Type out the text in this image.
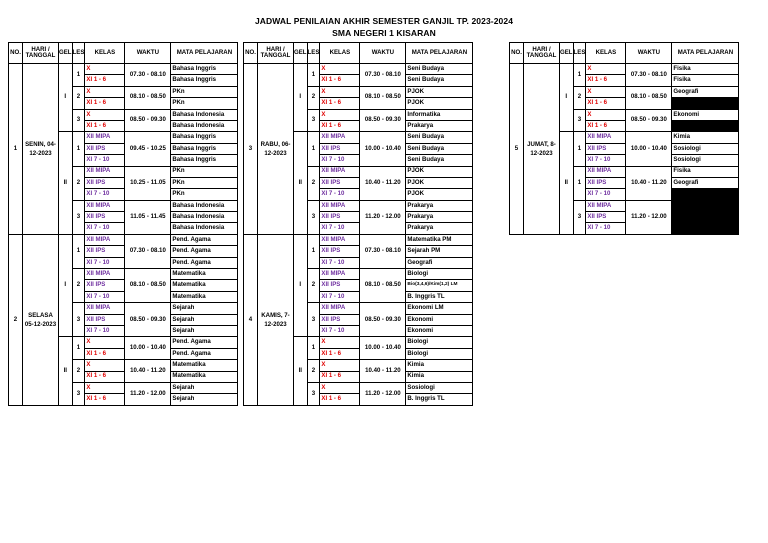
JADWAL PENILAIAN AKHIR SEMESTER GANJIL TP. 2023-2024
SMA NEGERI 1 KISARAN
NO.	HARI / TANGGAL	GEL	LES	KELAS	WAKTU	MATA PELAJARAN
1	SENIN, 04-12-2023	I	1	X	07.30 - 08.10	Bahasa Inggris
				XI 1 - 6		Bahasa Inggris
			2	X	08.10 - 08.50	PKn
				XI 1 - 6		PKn
			3	X	08.50 - 09.30	Bahasa Indonesia
				XI 1 - 6		Bahasa Indonesia
		II	1	XII MIPA	09.45 - 10.25	Bahasa Inggris
				XII IPS		Bahasa Inggris
				XI 7 - 10		Bahasa Inggris
			2	XII MIPA	10.25 - 11.05	PKn
				XII IPS		PKn
				XI 7 - 10		PKn
			3	XII MIPA	11.05 - 11.45	Bahasa Indonesia
				XII IPS		Bahasa Indonesia
				XI 7 - 10		Bahasa Indonesia
2	SELASA 05-12-2023	I	1	XII MIPA	07.30 - 08.10	Pend. Agama
				XII IPS		Pend. Agama
				XI 7 - 10		Pend. Agama
			2	XII MIPA	08.10 - 08.50	Matematika
				XII IPS		Matematika
				XI 7 - 10		Matematika
			3	XII MIPA	08.50 - 09.30	Sejarah
				XII IPS		Sejarah
				XI 7 - 10		Sejarah
		II	1	X	10.00 - 10.40	Pend. Agama
				XI 1 - 6		Pend. Agama
			2	X	10.40 - 11.20	Matematika
				XI 1 - 6		Matematika
			3	X	11.20 - 12.00	Sejarah
				XI 1 - 6		Sejarah
NO.	HARI / TANGGAL	GEL	LES	KELAS	WAKTU	MATA PELAJARAN
3	RABU, 06-12-2023	I	1	X	07.30 - 08.10	Seni Budaya
				XI 1 - 6		Seni Budaya
			2	X	08.10 - 08.50	PJOK
				XI 1 - 6		PJOK
			3	X	08.50 - 09.30	Informatika
				XI 1 - 6		Prakarya
		II	1	XII MIPA	10.00 - 10.40	Seni Budaya
				XII IPS		Seni Budaya
				XI 7 - 10		Seni Budaya
			2	XII MIPA	10.40 - 11.20	PJOK
				XII IPS		PJOK
				XI 7 - 10		PJOK
			3	XII MIPA	11.20 - 12.00	Prakarya
				XII IPS		Prakarya
				XI 7 - 10		Prakarya
4	KAMIS, 7-12-2023	I	1	XII MIPA	07.30 - 08.10	Matematika PM
				XII IPS		Sejarah PM
				XI 7 - 10		Geografi
			2	XII MIPA	08.10 - 08.50	Biologi
				XII IPS		Bio(3,4,6)/Kim(1,2) LM
				XI 7 - 10		B. Inggris TL
			3	XII MIPA	08.50 - 09.30	Ekonomi LM
				XII IPS		Ekonomi
				XI 7 - 10		Ekonomi
		II	1	X	10.00 - 10.40	Biologi
				XI 1 - 6		Biologi
			2	X	10.40 - 11.20	Kimia
				XI 1 - 6		Kimia
			3	X	11.20 - 12.00	Sosiologi
				XI 1 - 6		B. Inggris TL
NO.	HARI / TANGGAL	GEL	LES	KELAS	WAKTU	MATA PELAJARAN
5	JUMAT, 8-12-2023	I	1	X	07.30 - 08.10	Fisika
				XI 1 - 6		Fisika
			2	X	08.10 - 08.50	Geografi
				XI 1 - 6		
			3	X	08.50 - 09.30	Ekonomi
				XI 1 - 6		
		II	1	XII MIPA	10.00 - 10.40	Kimia
				XII IPS		Sosiologi
				XI 7 - 10		Sosiologi
			1	XII MIPA	10.40 - 11.20	Fisika
				XII IPS		Geografi
				XI 7 - 10		
			3	XII MIPA	11.20 - 12.00	
				XII IPS		
				XI 7 - 10		
